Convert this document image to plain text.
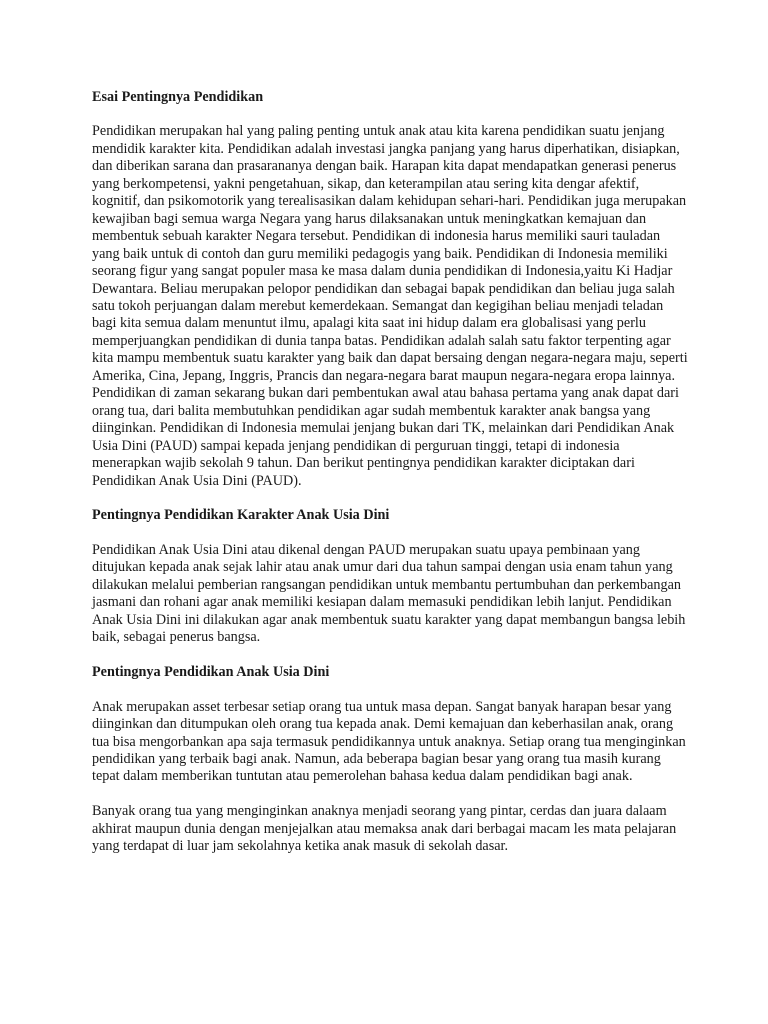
Esai Pentingnya Pendidikan

Pendidikan merupakan hal yang paling penting untuk anak atau kita karena pendidikan suatu jenjang mendidik karakter kita. Pendidikan adalah investasi jangka panjang yang harus diperhatikan, disiapkan, dan diberikan sarana dan prasarananya dengan baik. Harapan kita dapat mendapatkan generasi penerus yang berkompetensi, yakni pengetahuan, sikap, dan keterampilan atau sering kita dengar afektif, kognitif, dan psikomotorik yang terealisasikan dalam kehidupan sehari-hari. Pendidikan juga merupakan kewajiban bagi semua warga Negara yang harus dilaksanakan untuk meningkatkan kemajuan dan membentuk sebuah karakter Negara tersebut. Pendidikan di indonesia harus memiliki sauri tauladan yang baik untuk di contoh dan guru memiliki pedagogis yang baik. Pendidikan di Indonesia memiliki seorang figur yang sangat populer masa ke masa dalam dunia pendidikan di Indonesia,yaitu Ki Hadjar Dewantara. Beliau merupakan pelopor pendidikan dan sebagai bapak pendidikan dan beliau juga salah satu tokoh perjuangan dalam merebut kemerdekaan. Semangat dan kegigihan beliau menjadi teladan bagi kita semua dalam menuntut ilmu, apalagi kita saat ini hidup dalam era globalisasi yang perlu memperjuangkan pendidikan di dunia tanpa batas. Pendidikan adalah salah satu faktor terpenting agar kita mampu membentuk suatu karakter yang baik dan dapat bersaing dengan negara-negara maju, seperti Amerika, Cina, Jepang, Inggris, Prancis dan negara-negara barat maupun negara-negara eropa lainnya. Pendidikan di zaman sekarang bukan dari pembentukan awal atau bahasa pertama yang anak dapat dari orang tua, dari balita membutuhkan pendidikan agar sudah membentuk karakter anak bangsa yang diinginkan. Pendidikan di Indonesia memulai jenjang bukan dari TK, melainkan dari Pendidikan Anak Usia Dini (PAUD) sampai kepada jenjang pendidikan di perguruan tinggi, tetapi di indonesia menerapkan wajib sekolah 9 tahun. Dan berikut pentingnya pendidikan karakter diciptakan dari Pendidikan Anak Usia Dini (PAUD).

Pentingnya Pendidikan Karakter Anak Usia Dini

Pendidikan Anak Usia Dini atau dikenal dengan PAUD merupakan suatu upaya pembinaan yang ditujukan kepada anak sejak lahir atau anak umur dari dua tahun sampai dengan usia enam tahun yang dilakukan melalui pemberian rangsangan pendidikan untuk membantu pertumbuhan dan perkembangan jasmani dan rohani agar anak memiliki kesiapan dalam memasuki pendidikan lebih lanjut. Pendidikan Anak Usia Dini ini dilakukan agar anak membentuk suatu karakter yang dapat membangun bangsa lebih baik, sebagai penerus bangsa.

Pentingnya Pendidikan Anak Usia Dini

Anak merupakan asset terbesar setiap orang tua untuk masa depan. Sangat banyak harapan besar yang diinginkan dan ditumpukan oleh orang tua kepada anak. Demi kemajuan dan keberhasilan anak, orang tua bisa mengorbankan apa saja termasuk pendidikannya untuk anaknya. Setiap orang tua menginginkan pendidikan yang terbaik bagi anak. Namun, ada beberapa bagian besar yang orang tua masih kurang tepat dalam memberikan tuntutan atau pemerolehan bahasa kedua dalam pendidikan bagi anak.

Banyak orang tua yang menginginkan anaknya menjadi seorang yang pintar, cerdas dan juara dalaam akhirat maupun dunia dengan menjejalkan atau memaksa anak dari berbagai macam les mata pelajaran yang terdapat di luar jam sekolahnya ketika anak masuk di sekolah dasar.
